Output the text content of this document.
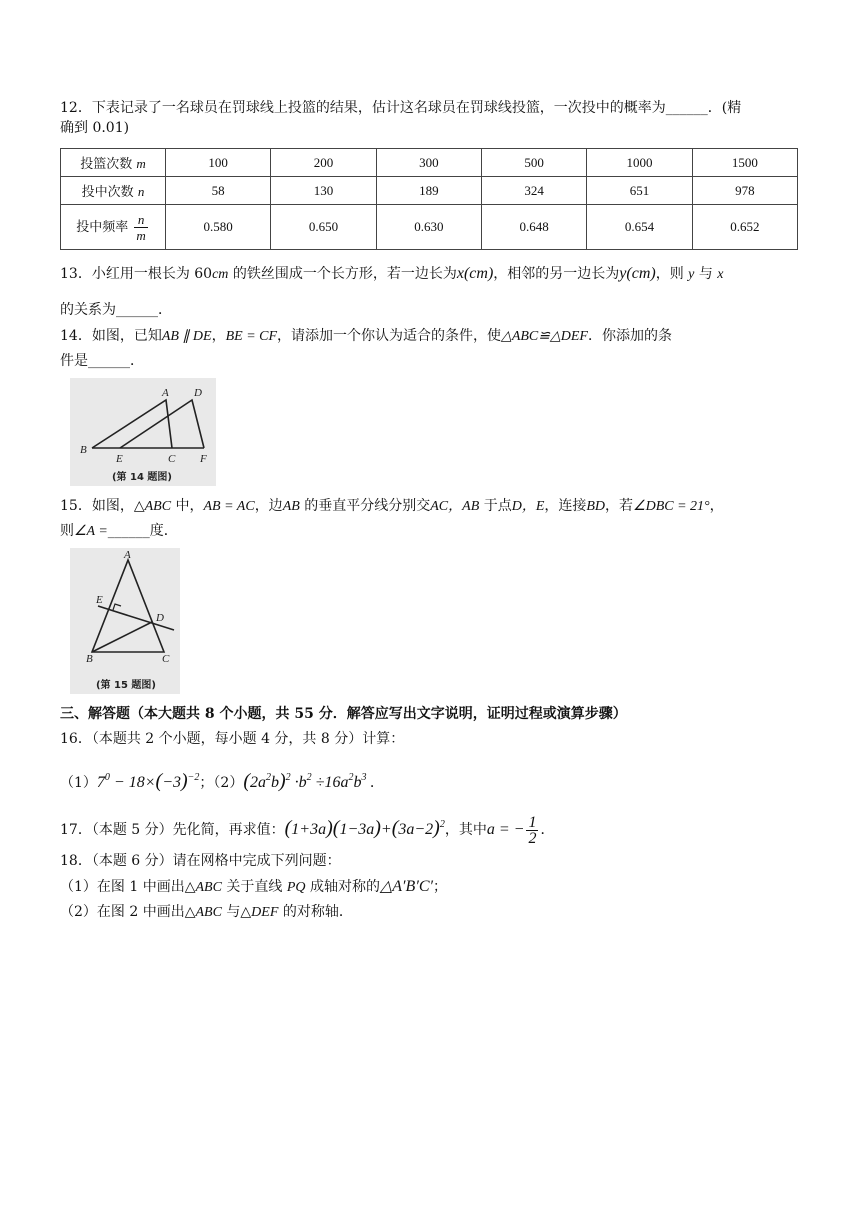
12．下表记录了一名球员在罚球线上投篮的结果，估计这名球员在罚球线投篮，一次投中的概率为______．(精
确到 0.01)
投篮次数 m	100	200	300	500	1000	1500
投中次数 n	58	130	189	324	651	978
投中频率 $\frac{n}{m}$	0.580	0.650	0.630	0.648	0.654	0.652
13．小红用一根长为 60cm 的铁丝围成一个长方形，若一边长为x(cm)，相邻的另一边长为y(cm)，则 y 与 x
的关系为______．
14．如图，已知AB ∥ DE，BE = CF，请添加一个你认为适合的条件，使△ABC≌△DEF．你添加的条
件是______．
A D
B
E	C F
(第 14 题图)
15．如图，△ABC 中，AB = AC，边AB 的垂直平分线分别交AC，AB 于点D，E，连接BD，若∠DBC = 21°，
则∠A =______度．
A
E
D
B	C
(第 15 题图)
三、解答题（本大题共 8 个小题，共 55 分．解答应写出文字说明，证明过程或演算步骤）
16．（本题共 2 个小题，每小题 4 分，共 8 分）计算：
$(1)7^0 - 18\times(-3)^{-2}$；$(2)(2a^2b)^2 \cdot b^2 \div 16a^2b^3$ .
17．（本题 5 分）先化简，再求值：$(1+3a)(1-3a)+(3a-2)^2$，其中a = − $\frac{1}{2}$ ．
18．（本题 6 分）请在网格中完成下列问题：
（1）在图 1 中画出△ABC 关于直线 PQ 成轴对称的△A′B′C′；
（2）在图 2 中画出△ABC 与△DEF 的对称轴．
